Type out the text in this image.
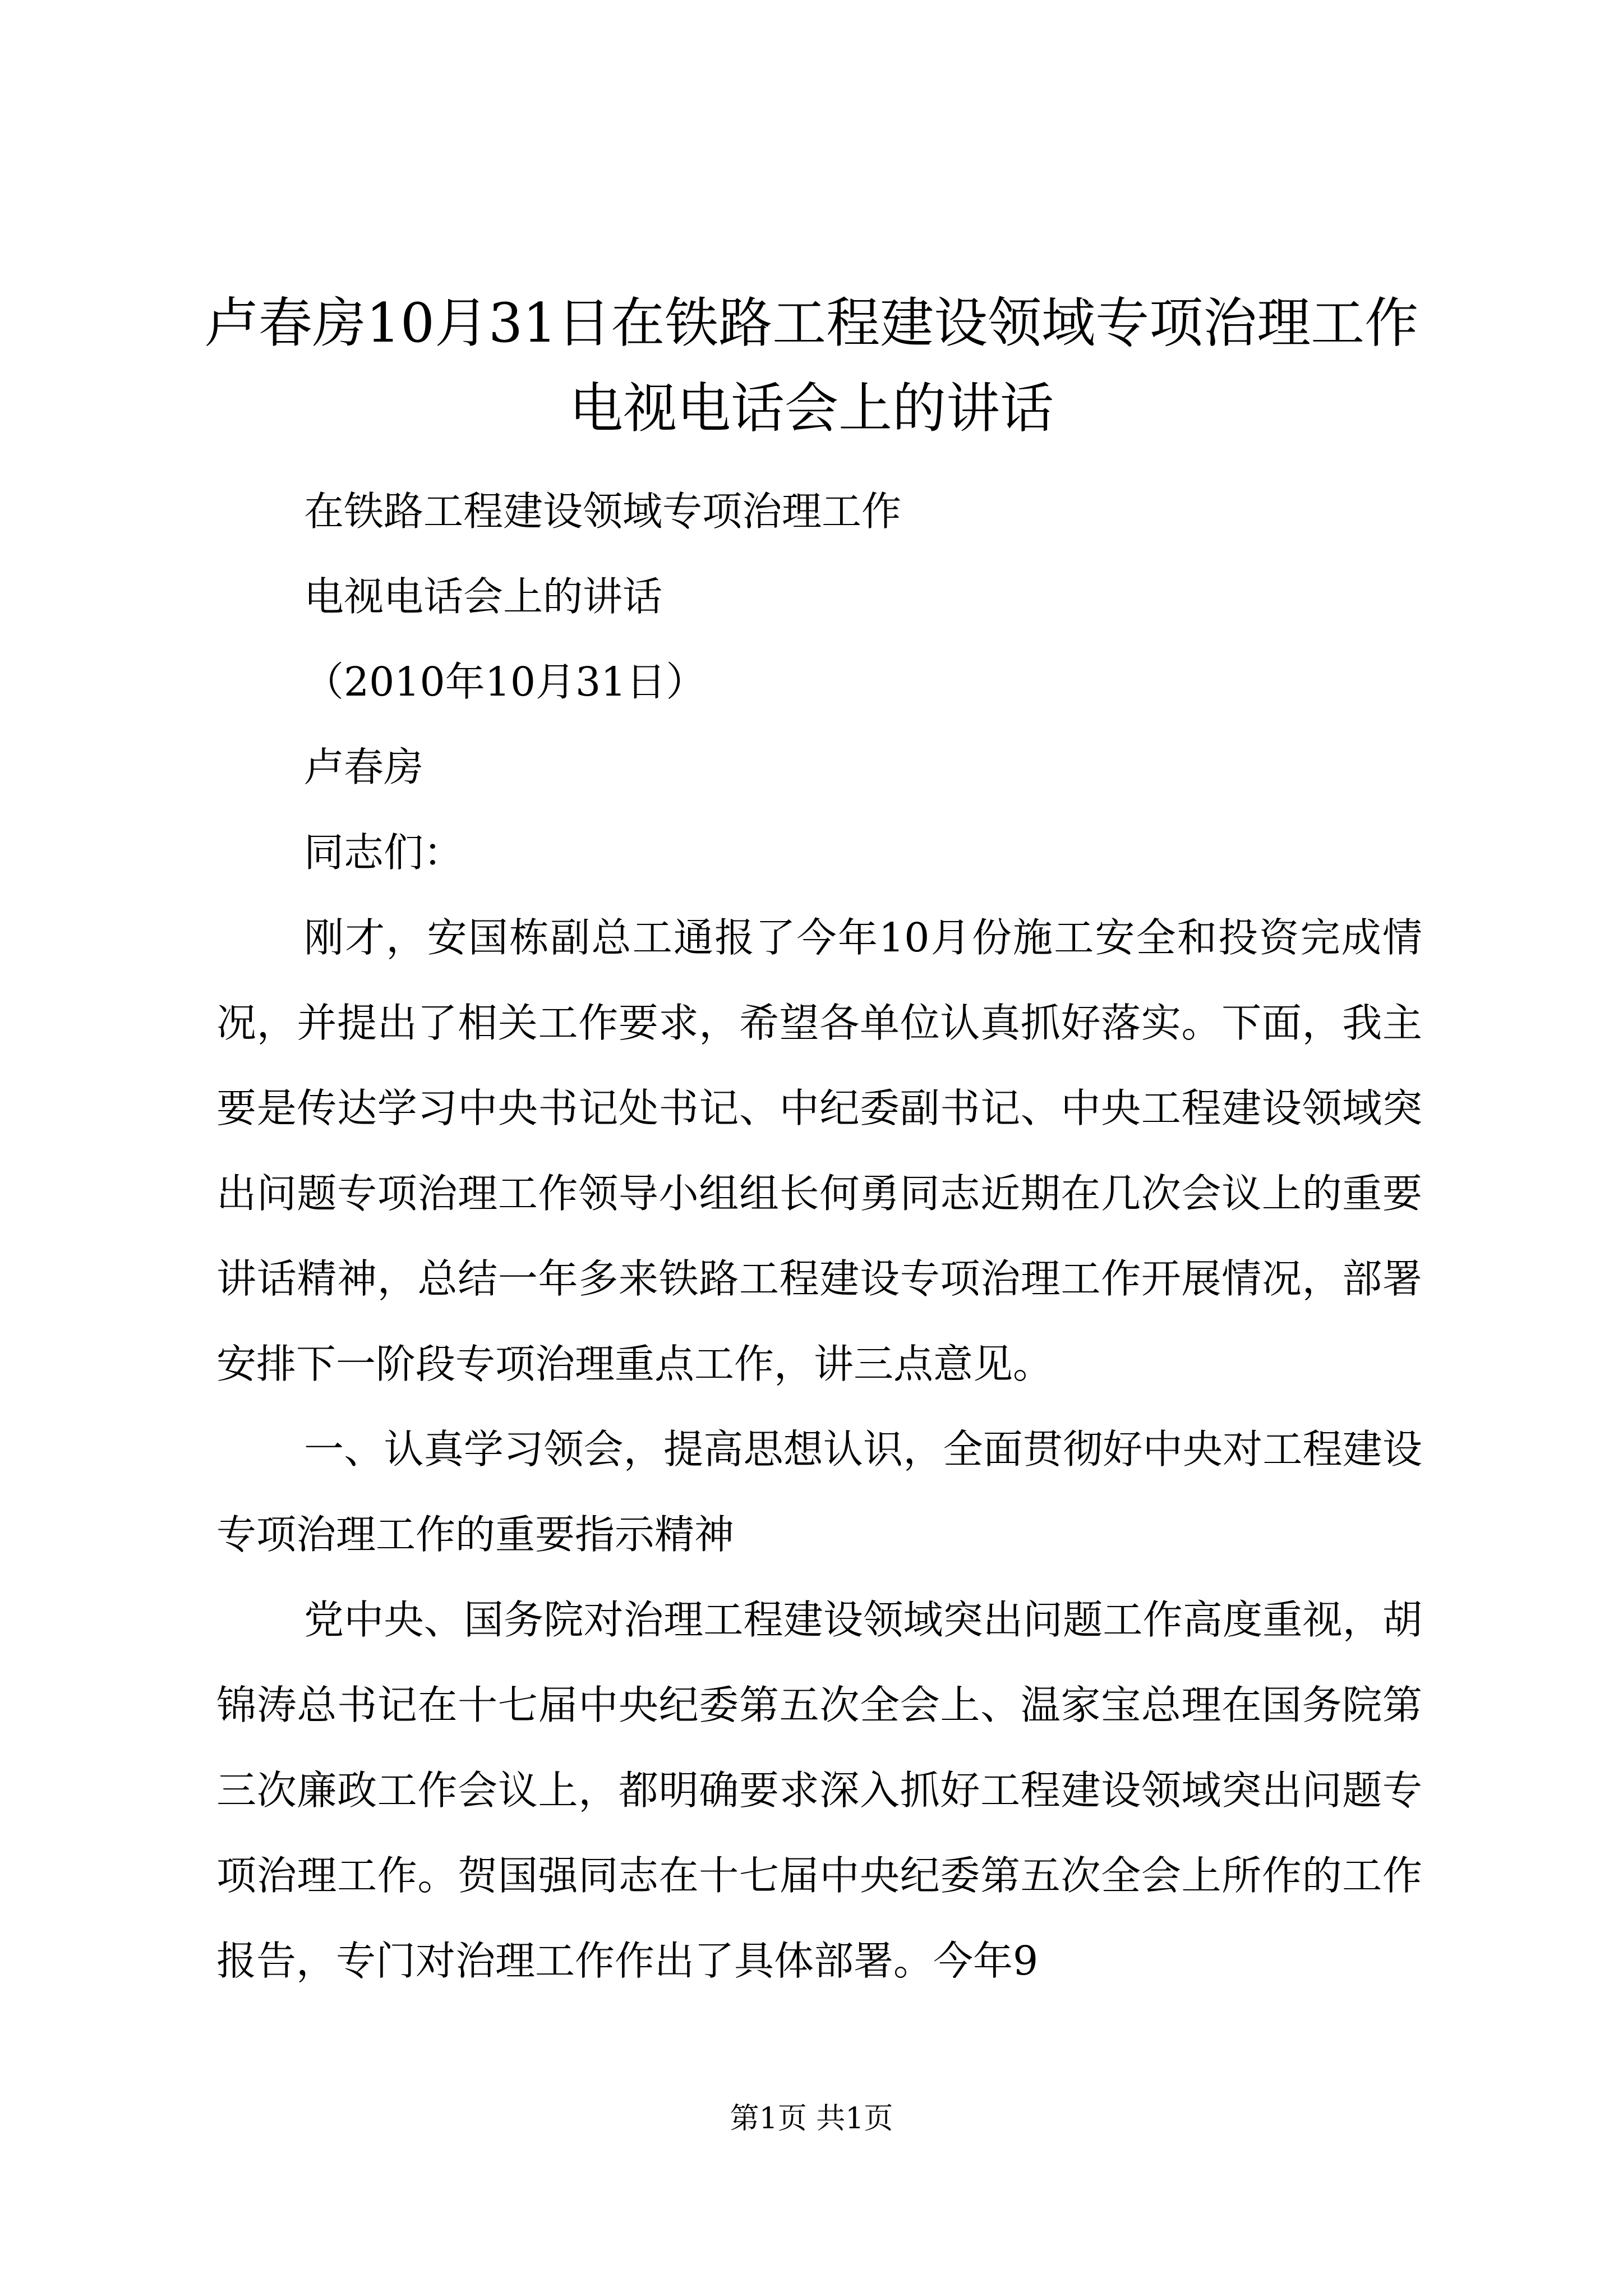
卢春房10月31日在铁路工程建设领域专项治理工作电视电话会上的讲话

在铁路工程建设领域专项治理工作

电视电话会上的讲话

（2010年10月31日）

卢春房

同志们：

刚才，安国栋副总工通报了今年10月份施工安全和投资完成情况，并提出了相关工作要求，希望各单位认真抓好落实。下面，我主要是传达学习中央书记处书记、中纪委副书记、中央工程建设领域突出问题专项治理工作领导小组组长何勇同志近期在几次会议上的重要讲话精神，总结一年多来铁路工程建设专项治理工作开展情况，部署安排下一阶段专项治理重点工作，讲三点意见。

一、认真学习领会，提高思想认识，全面贯彻好中央对工程建设专项治理工作的重要指示精神

党中央、国务院对治理工程建设领域突出问题工作高度重视，胡锦涛总书记在十七届中央纪委第五次全会上、温家宝总理在国务院第三次廉政工作会议上，都明确要求深入抓好工程建设领域突出问题专项治理工作。贺国强同志在十七届中央纪委第五次全会上所作的工作报告，专门对治理工作作出了具体部署。今年9

第1页 共1页
